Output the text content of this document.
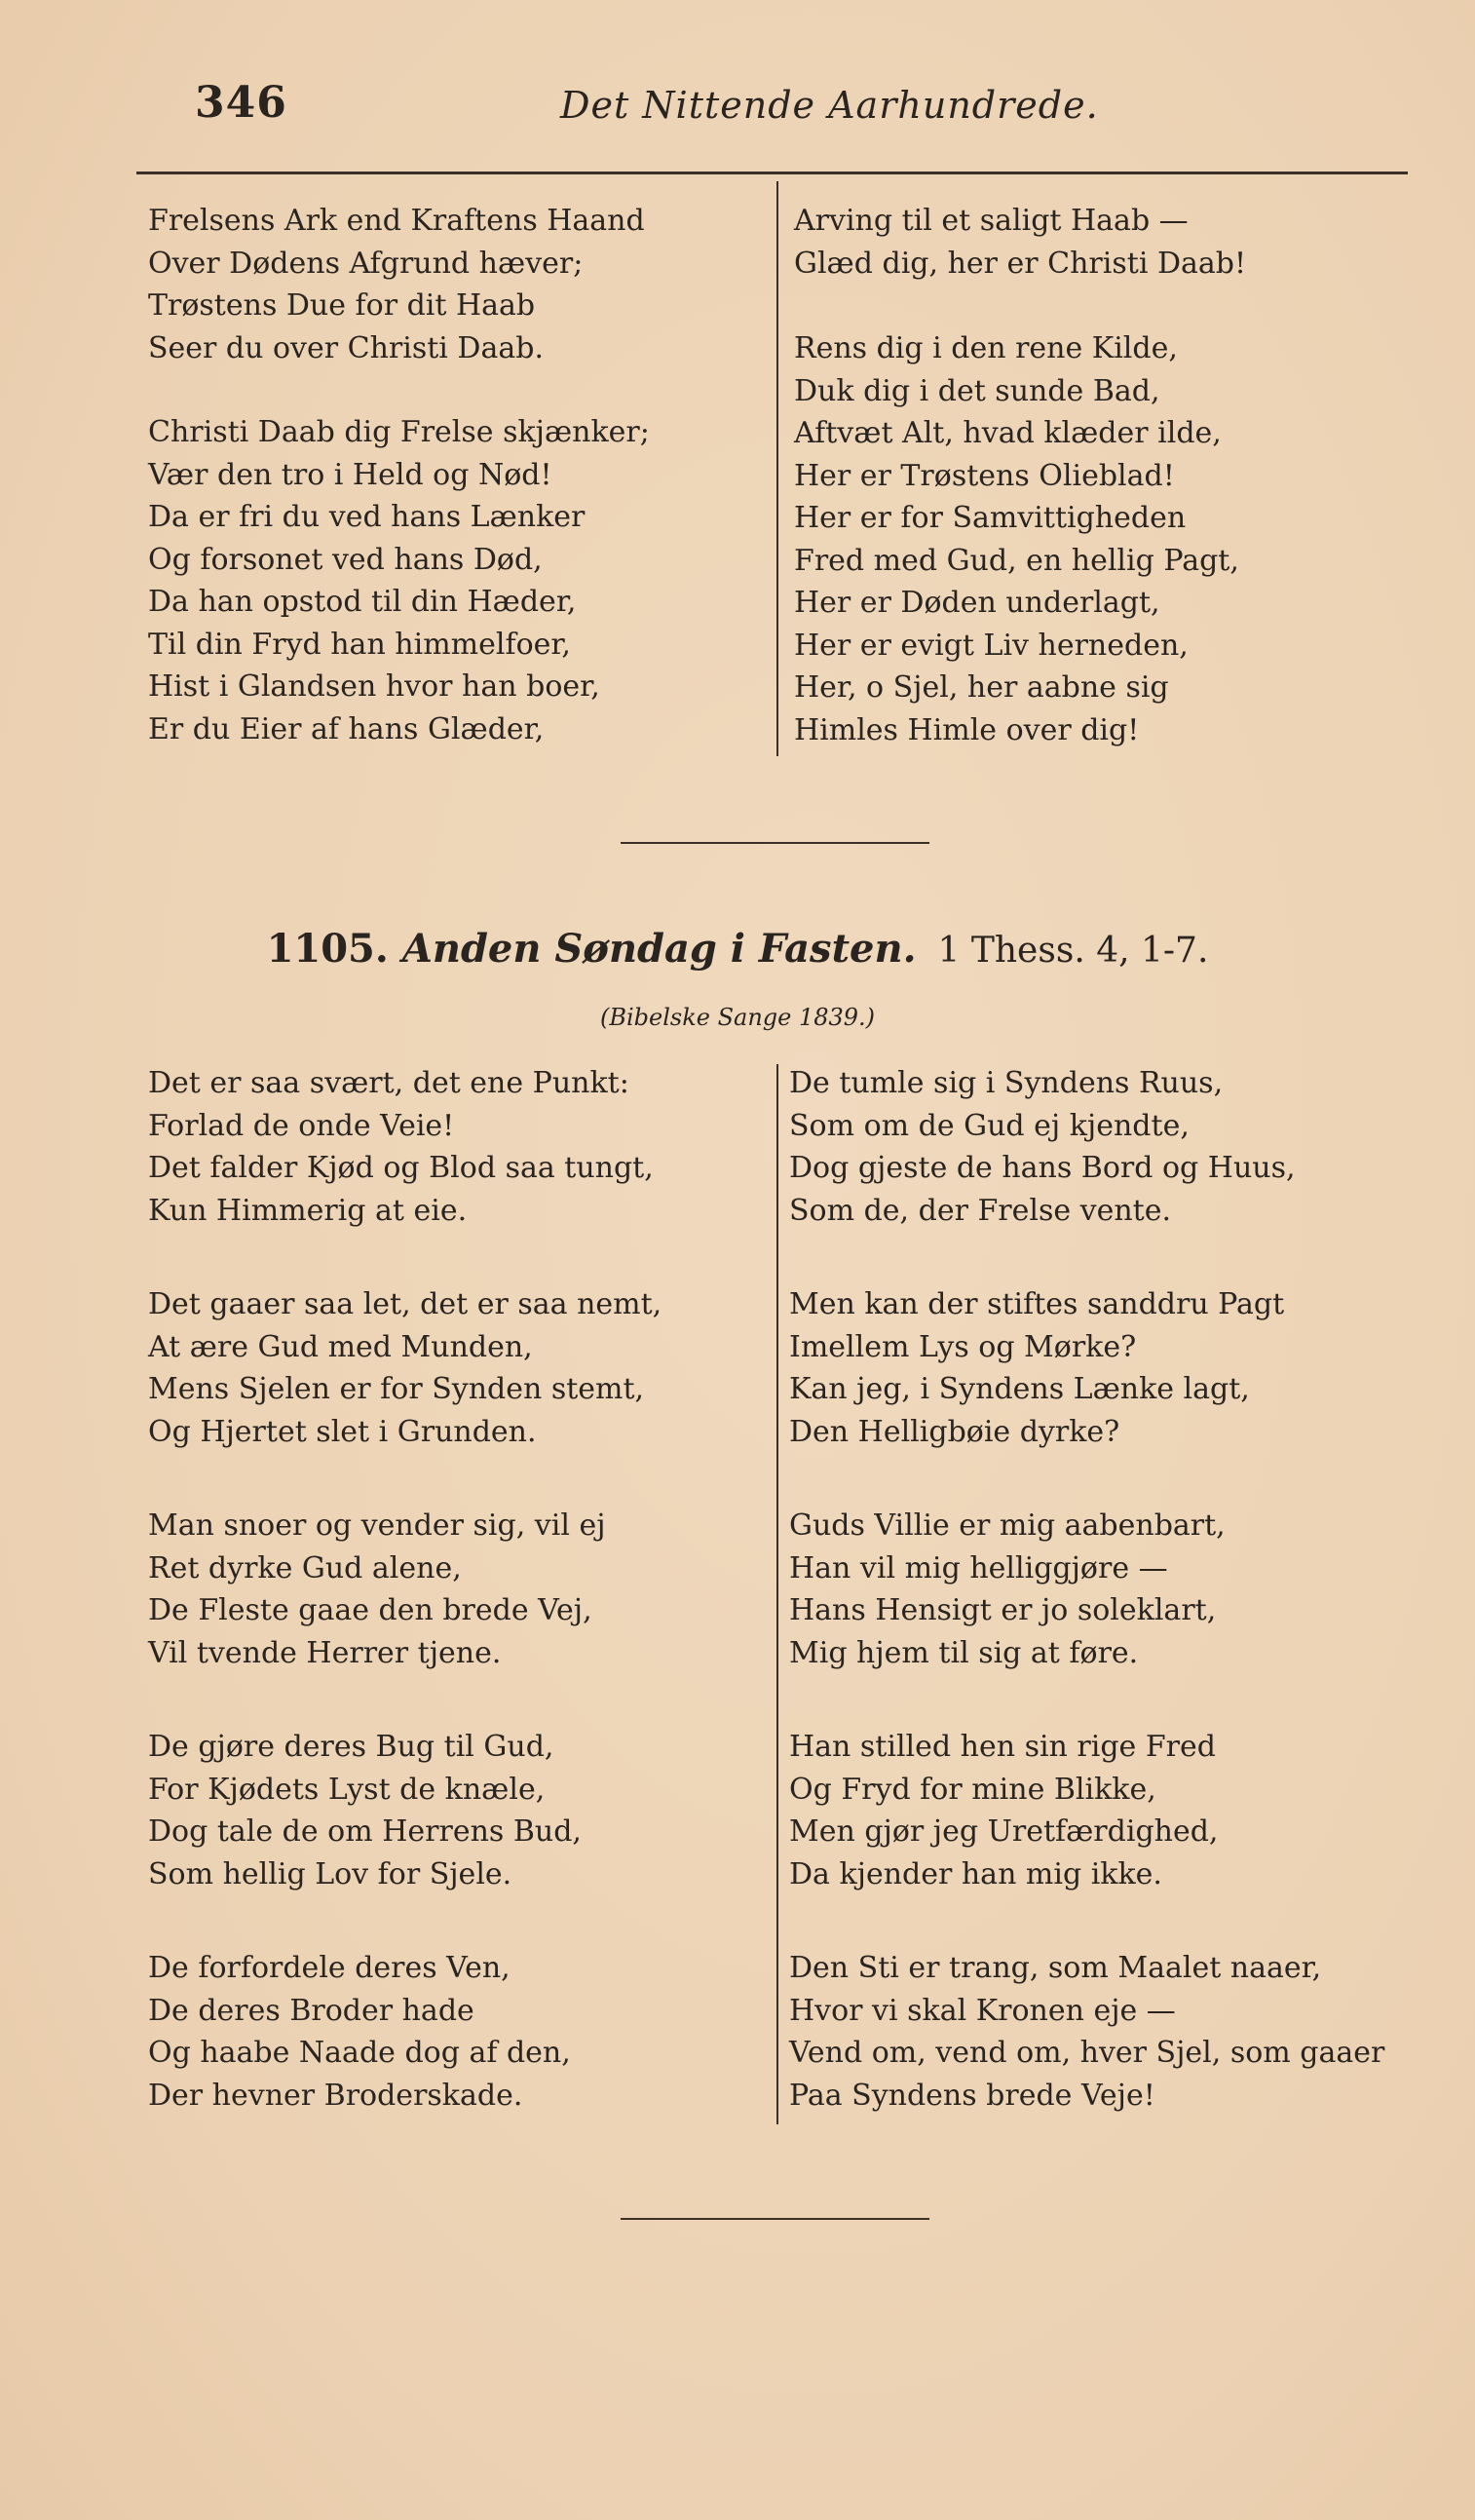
346	Det Nittende Aarhundrede.
Frelsens Ark end Kraftens Haand
Over Dødens Afgrund hæver;
Trøstens Due for dit Haab
Seer du over Christi Daab.
Christi Daab dig Frelse skjænker;
Vær den tro i Held og Nød!
Da er fri du ved hans Lænker
Og forsonet ved hans Død,
Da han opstod til din Hæder,
Til din Fryd han himmelfoer,
Hist i Glandsen hvor han boer,
Er du Eier af hans Glæder,
Arving til et saligt Haab —
Glæd dig, her er Christi Daab!
Rens dig i den rene Kilde,
Duk dig i det sunde Bad,
Aftvæt Alt, hvad klæder ilde,
Her er Trøstens Olieblad!
Her er for Samvittigheden
Fred med Gud, en hellig Pagt,
Her er Døden underlagt,
Her er evigt Liv herneden,
Her, o Sjel, her aabne sig
Himles Himle over dig!
1105. Anden Søndag i Fasten. 1 Thess. 4, 1-7.
(Bibelske Sange 1839.)
Det er saa svært, det ene Punkt:
Forlad de onde Veie!
Det falder Kjød og Blod saa tungt,
Kun Himmerig at eie.
Det gaaer saa let, det er saa nemt,
At ære Gud med Munden,
Mens Sjelen er for Synden stemt,
Og Hjertet slet i Grunden.
Man snoer og vender sig, vil ej
Ret dyrke Gud alene,
De Fleste gaae den brede Vej,
Vil tvende Herrer tjene.
De gjøre deres Bug til Gud,
For Kjødets Lyst de knæle,
Dog tale de om Herrens Bud,
Som hellig Lov for Sjele.
De forfordele deres Ven,
De deres Broder hade
Og haabe Naade dog af den,
Der hevner Broderskade.
De tumle sig i Syndens Ruus,
Som om de Gud ej kjendte,
Dog gjeste de hans Bord og Huus,
Som de, der Frelse vente.
Men kan der stiftes sanddru Pagt
Imellem Lys og Mørke?
Kan jeg, i Syndens Lænke lagt,
Den Helligbøie dyrke?
Guds Villie er mig aabenbart,
Han vil mig helliggjøre —
Hans Hensigt er jo soleklart,
Mig hjem til sig at føre.
Han stilled hen sin rige Fred
Og Fryd for mine Blikke,
Men gjør jeg Uretfærdighed,
Da kjender han mig ikke.
Den Sti er trang, som Maalet naaer,
Hvor vi skal Kronen eje —
Vend om, vend om, hver Sjel, som gaaer
Paa Syndens brede Veje!
